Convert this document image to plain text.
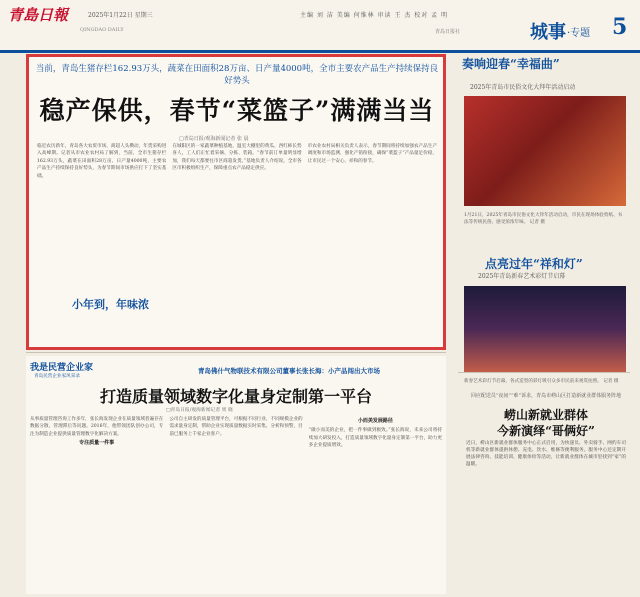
青島日報	2025年1月22日 星期三	主编 刘 洁 美编 何惟林 审读 王 杰 校对 孟 明
QINGDAO DAILY	青岛日报社	城事 ·专题 5
当前，青岛生猪存栏162.93万头，蔬菜在田面积28万亩、日产量4000吨，全市主要农产品生产持续保持良好势头
稳产保供，春节“菜篮子”满满当当
□青岛日报/观海新闻记者 张 晨
临近农历新年，青岛各大农贸市场、商超人头攒动，年货采购进入高峰期。记者从市农业农村局了解到，当前，全市生猪存栏162.93万头，蔬菜在田面积28万亩、日产量4000吨，主要农产品生产持续保持良好势头，为春节期间市场供应打下了坚实基础。
在城阳区的一家蔬菜种植基地，温室大棚里的黄瓜、西红柿长势喜人，工人们正忙着采摘、分拣、装箱。“春节前订单量明显增加，我们每天都要往市区商超发货。”基地负责人介绍说。全市各区市积极组织生产，保障重点农产品稳定供应。
市农业农村局相关负责人表示，春节期间将持续加强农产品生产调度和市场监测，强化产销衔接，确保“菜篮子”产品量足价稳，让市民过一个安心、祥和的春节。
奏响迎春“幸福曲”
2025年青岛市民俗文化大拜年活动启动
1月21日，2025年青岛市民俗文化大拜年活动启动，市民在现场体验剪纸、书法等传统民俗，感受浓浓年味。 记者 摄
点亮过年“祥和灯”
2025年青岛新春艺术彩灯节启幕
新春艺术彩灯节启幕，各式造型的彩灯吸引众多市民前来观赏拍照。 记者 摄
我是民营企业家
青岛民营企业家风采录
青岛佛什气物联技术有限公司董事长张长海：小产品闯出大市场
打造质量领域数字化量身定制第一平台
□青岛日报/观海新闻记者 周 晓
从事质量管理咨询工作多年，张长海发现企业在质量领域普遍存在数据分散、管理滞后等问题。2016年，他带领团队创办公司，专注为制造企业提供质量管理数字化解决方案。
专注质量一件事
公司自主研发的质量管理平台，可根据不同行业、不同规模企业的需求量身定制，帮助企业实现质量数据实时采集、分析和预警，目前已服务上千家企业客户。
小而美发展路径
“做小而美的企业，把一件事做到极致。”张长海说，未来公司将持续加大研发投入，打造质量领域数字化量身定制第一平台，助力更多企业提质增效。
回应配送员“夜间”“难”诉求，青岛市崂山区打造新就业群体服务阵地
崂山新就业群体
今新演绎“哥俩好”
近日，崂山区新就业群体服务中心正式启用，为快递员、外卖骑手、网约车司机等新就业群体提供休憩、充电、饮水、维修等便利服务。服务中心还定期开展法律咨询、技能培训、健康体检等活动，让新就业群体在城市里找到“家”的温暖。
小年到，年味浓
